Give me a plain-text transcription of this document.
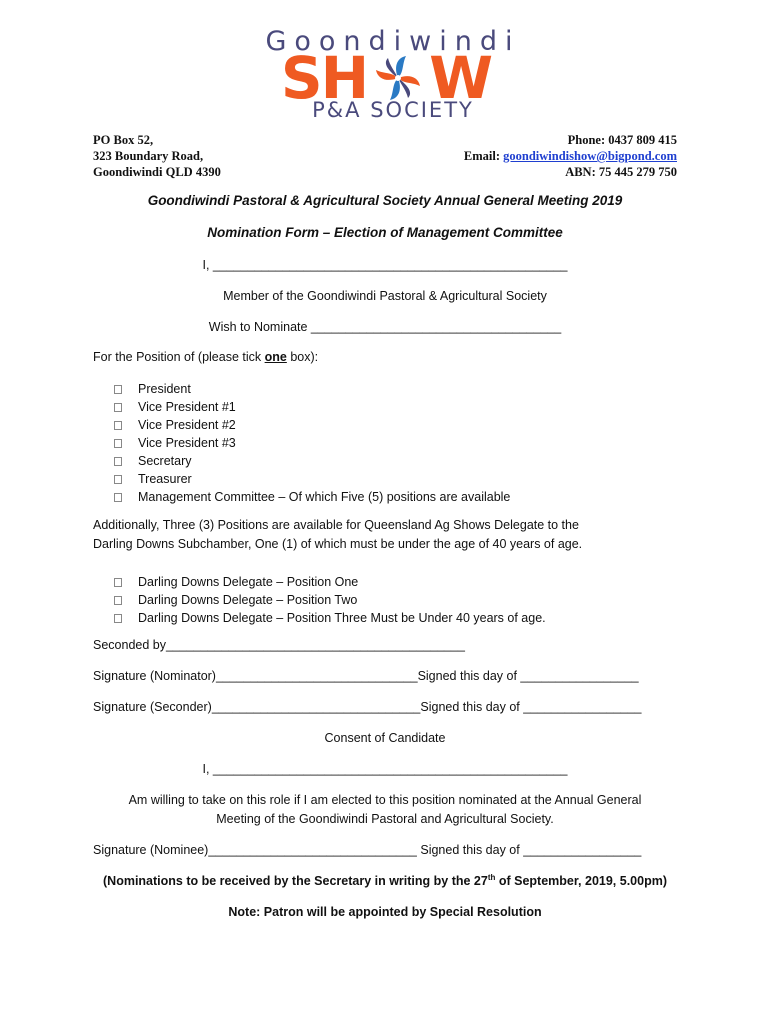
Goondiwindi
S H W
P&A SOCIETY
PO Box 52,
323 Boundary Road,
Goondiwindi QLD 4390
Phone: 0437 809 415
Email: goondiwindishow@bigpond.com
ABN: 75 445 279 750
Goondiwindi Pastoral & Agricultural Society Annual General Meeting 2019
Nomination Form – Election of Management Committee
I, ___________________________________________________
Member of the Goondiwindi Pastoral & Agricultural Society
Wish to Nominate ____________________________________
For the Position of (please tick one box):
President
Vice President #1
Vice President #2
Vice President #3
Secretary
Treasurer
Management Committee – Of which Five (5) positions are available
Additionally, Three (3) Positions are available for Queensland Ag Shows Delegate to the
Darling Downs Subchamber, One (1) of which must be under the age of 40 years of age.
Darling Downs Delegate – Position One
Darling Downs Delegate – Position Two
Darling Downs Delegate – Position Three Must be Under 40 years of age.
Seconded by___________________________________________
Signature (Nominator)_____________________________Signed this day of _________________
Signature (Seconder)______________________________Signed this day of _________________
Consent of Candidate
I, ___________________________________________________
Am willing to take on this role if I am elected to this position nominated at the Annual General
Meeting of the Goondiwindi Pastoral and Agricultural Society.
Signature (Nominee)______________________________ Signed this day of _________________
(Nominations to be received by the Secretary in writing by the 27th of September, 2019, 5.00pm)
Note: Patron will be appointed by Special Resolution
